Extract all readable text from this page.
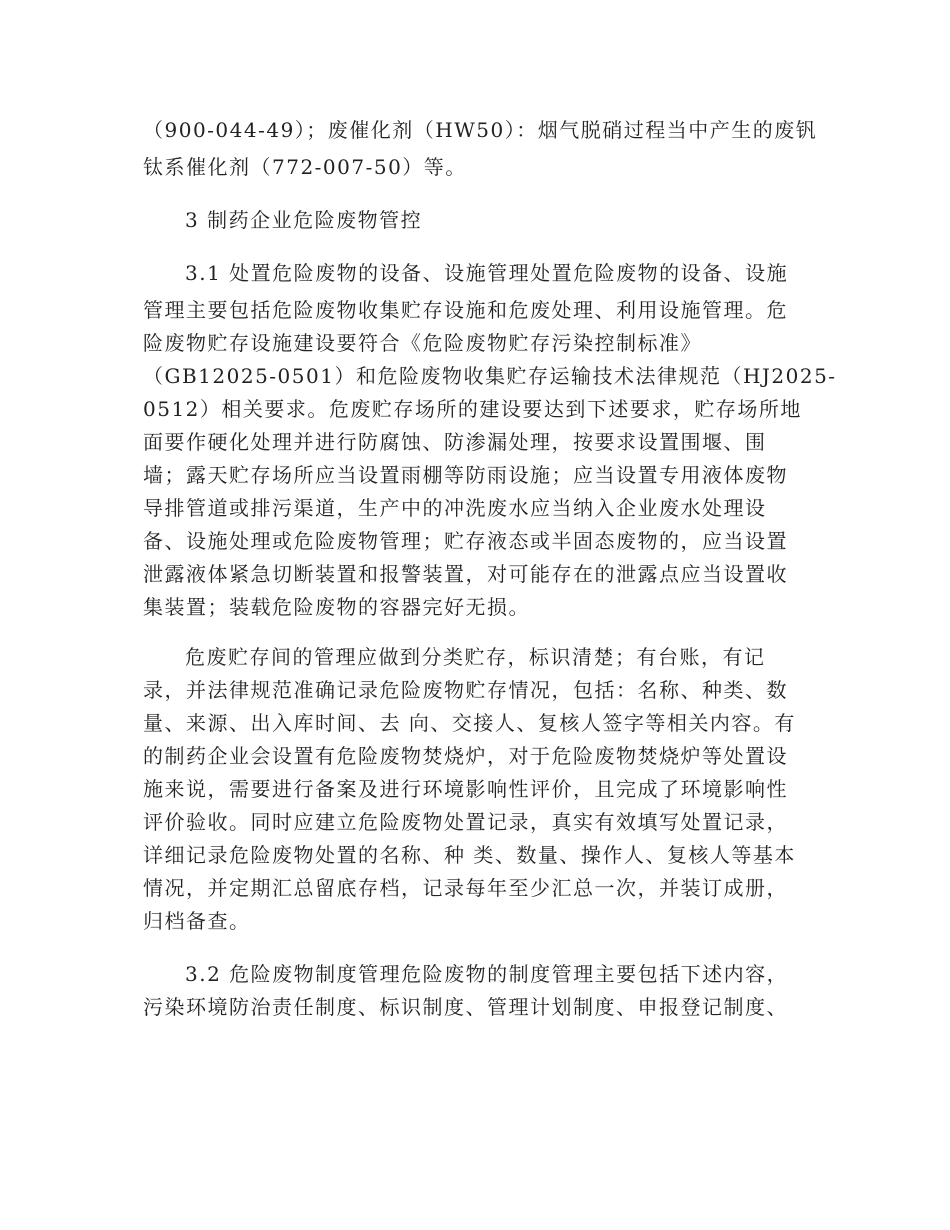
（900-044-49）；废催化剂（HW50）：烟气脱硝过程当中产生的废钒
钛系催化剂（772-007-50）等。
3 制药企业危险废物管控
3.1 处置危险废物的设备、设施管理处置危险废物的设备、设施
管理主要包括危险废物收集贮存设施和危废处理、利用设施管理。危
险废物贮存设施建设要符合《危险废物贮存污染控制标准》
（GB12025-0501）和危险废物收集贮存运输技术法律规范（HJ2025-
0512）相关要求。危废贮存场所的建设要达到下述要求，贮存场所地
面要作硬化处理并进行防腐蚀、防渗漏处理，按要求设置围堰、围
墙；露天贮存场所应当设置雨棚等防雨设施；应当设置专用液体废物
导排管道或排污渠道，生产中的冲洗废水应当纳入企业废水处理设
备、设施处理或危险废物管理；贮存液态或半固态废物的，应当设置
泄露液体紧急切断装置和报警装置，对可能存在的泄露点应当设置收
集装置；装载危险废物的容器完好无损。
危废贮存间的管理应做到分类贮存，标识清楚；有台账，有记
录，并法律规范准确记录危险废物贮存情况，包括：名称、种类、数
量、来源、出入库时间、去 向、交接人、复核人签字等相关内容。有
的制药企业会设置有危险废物焚烧炉，对于危险废物焚烧炉等处置设
施来说，需要进行备案及进行环境影响性评价，且完成了环境影响性
评价验收。同时应建立危险废物处置记录，真实有效填写处置记录，
详细记录危险废物处置的名称、种 类、数量、操作人、复核人等基本
情况，并定期汇总留底存档，记录每年至少汇总一次，并装订成册，
归档备查。
3.2 危险废物制度管理危险废物的制度管理主要包括下述内容，
污染环境防治责任制度、标识制度、管理计划制度、申报登记制度、
